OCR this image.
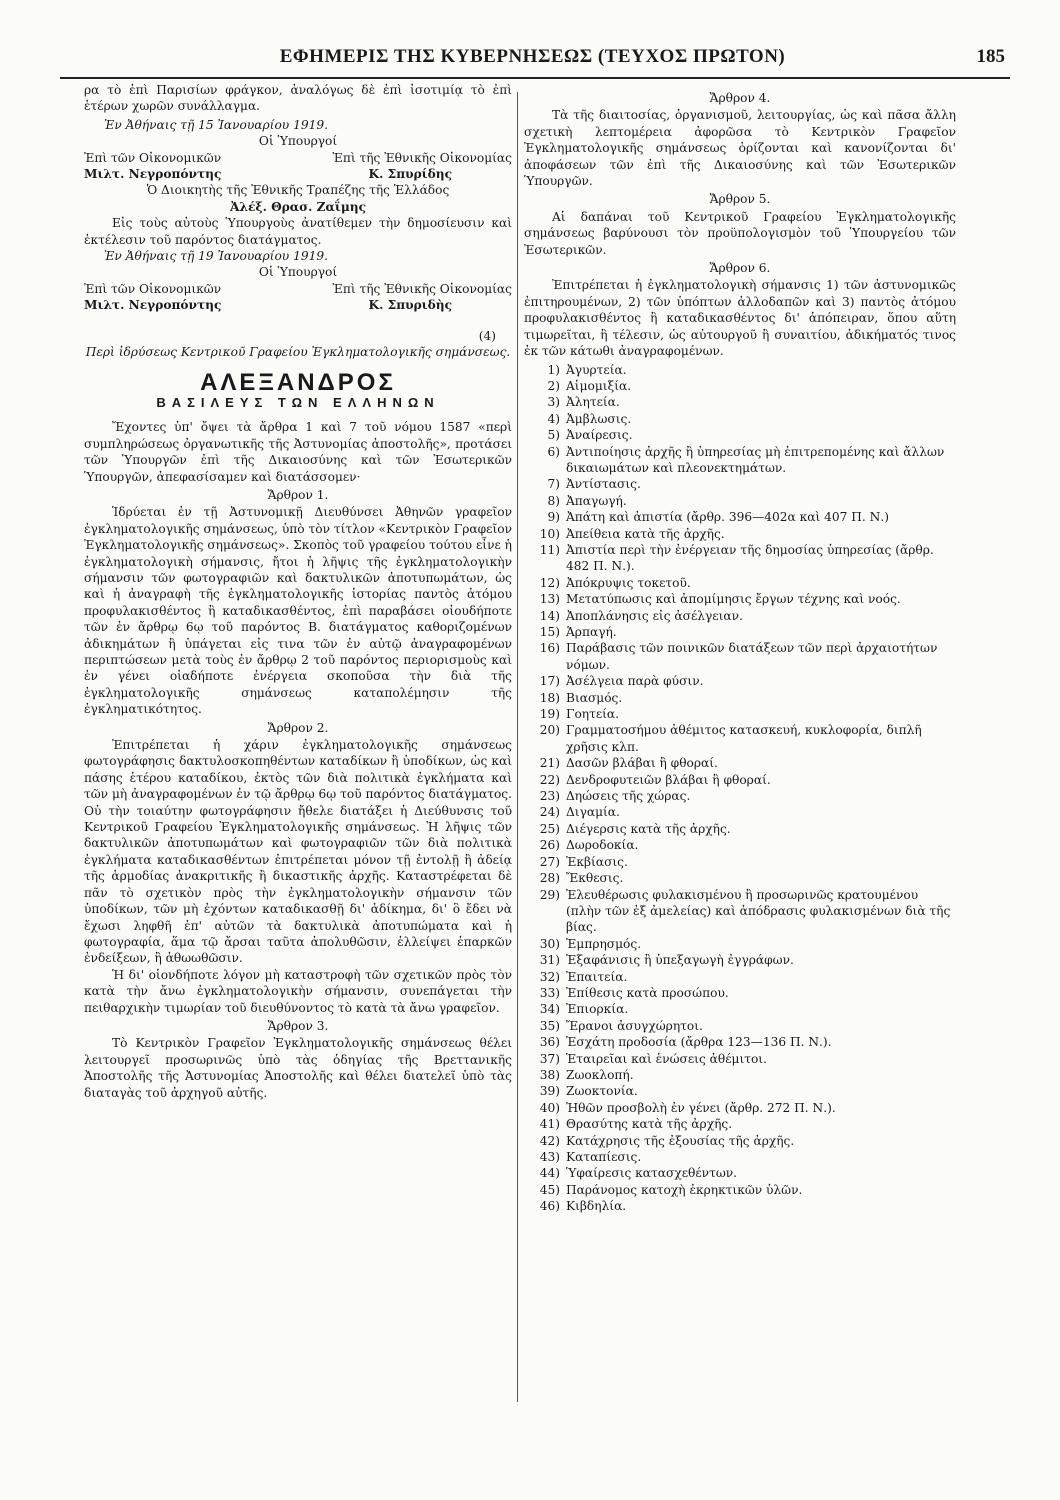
ΕΦΗΜΕΡΙΣ ΤΗΣ ΚΥΒΕΡΝΗΣΕΩΣ (ΤΕΥΧΟΣ ΠΡΩΤΟΝ)	185

ρα τὸ ἐπὶ Παρισίων φράγκον, ἀναλόγως δὲ ἐπὶ ἰσοτιμίᾳ τὸ ἐπὶ ἑτέρων χωρῶν συνάλλαγμα.

Ἐν Ἀθήναις τῇ 15 Ἰανουαρίου 1919.

Οἱ Ὑπουργοί

Ἐπὶ τῶν Οἰκονομικῶν	Ἐπὶ τῆς Ἐθνικῆς Οἰκονομίας
Μιλτ. Νεγροπόντης	Κ. Σπυρίδης

Ὁ Διοικητὴς τῆς Ἐθνικῆς Τραπέζης τῆς Ἑλλάδος

Ἀλέξ. Θρασ. Ζαΐμης

Εἰς τοὺς αὐτοὺς Ὑπουργοὺς ἀνατίθεμεν τὴν δημοσίευσιν καὶ ἐκτέλεσιν τοῦ παρόντος διατάγματος.

Ἐν Ἀθήναις τῇ 19 Ἰανουαρίου 1919.

Οἱ Ὑπουργοί

Ἐπὶ τῶν Οἰκονομικῶν	Ἐπὶ τῆς Ἐθνικῆς Οἰκονομίας
Μιλτ. Νεγροπόντης	Κ. Σπυριδὴς

(4)

Περὶ ἱδρύσεως Κεντρικοῦ Γραφείου Ἐγκληματολογικῆς σημάνσεως.

ΑΛΕΞΑΝΔΡΟΣ
ΒΑΣΙΛΕΥΣ ΤΩΝ ΕΛΛΗΝΩΝ

Ἔχοντες ὑπ' ὄψει τὰ ἄρθρα 1 καὶ 7 τοῦ νόμου 1587 «περὶ συμπληρώσεως ὀργανωτικῆς τῆς Ἀστυνομίας ἀποστολῆς», προτάσει τῶν Ὑπουργῶν ἐπὶ τῆς Δικαιοσύνης καὶ τῶν Ἐσωτερικῶν Ὑπουργῶν, ἀπεφασίσαμεν καὶ διατάσσομεν·

Ἄρθρον 1.

Ἱδρύεται ἐν τῇ Ἀστυνομικῇ Διευθύνσει Ἀθηνῶν γραφεῖον ἐγκληματολογικῆς σημάνσεως, ὑπὸ τὸν τίτλον «Κεντρικὸν Γραφεῖον Ἐγκληματολογικῆς σημάνσεως». Σκοπὸς τοῦ γραφείου τούτου εἶνε ἡ ἐγκληματολογικὴ σήμανσις, ἤτοι ἡ λῆψις τῆς ἐγκληματολογικὴν σήμανσιν τῶν φωτογραφιῶν καὶ δακτυλικῶν ἀποτυπωμάτων, ὡς καὶ ἡ ἀναγραφὴ τῆς ἐγκληματολογικῆς ἱστορίας παντὸς ἀτόμου προφυλακισθέντος ἢ καταδικασθέντος, ἐπὶ παραβάσει οἱουδήποτε τῶν ἐν ἄρθρῳ 6ῳ τοῦ παρόντος Β. διατάγματος καθοριζομένων ἀδικημάτων ἢ ὑπάγεται εἰς τινα τῶν ἐν αὐτῷ ἀναγραφομένων περιπτώσεων μετὰ τοὺς ἐν ἄρθρῳ 2 τοῦ παρόντος περιορισμοὺς καὶ ἐν γένει οἱαδήποτε ἐνέργεια σκοποῦσα τὴν διὰ τῆς ἐγκληματολογικῆς σημάνσεως καταπολέμησιν τῆς ἐγκληματικότητος.

Ἄρθρον 2.

Ἐπιτρέπεται ἡ χάριν ἐγκληματολογικῆς σημάνσεως φωτογράφησις δακτυλοσκοπηθέντων καταδίκων ἢ ὑποδίκων, ὡς καὶ πάσης ἑτέρου καταδίκου, ἐκτὸς τῶν διὰ πολιτικὰ ἐγκλήματα καὶ τῶν μὴ ἀναγραφομένων ἐν τῷ ἄρθρῳ 6ῳ τοῦ παρόντος διατάγματος. Οὐ τὴν τοιαύτην φωτογράφησιν ἤθελε διατάξει ἡ Διεύθυνσις τοῦ Κεντρικοῦ Γραφείου Ἐγκληματολογικῆς σημάνσεως. Ἡ λῆψις τῶν δακτυλικῶν ἀποτυπωμάτων καὶ φωτογραφιῶν τῶν διὰ πολιτικὰ ἐγκλήματα καταδικασθέντων ἐπιτρέπεται μόνον τῇ ἐντολῇ ἢ ἀδείᾳ τῆς ἁρμοδίας ἀνακριτικῆς ἢ δικαστικῆς ἀρχῆς. Καταστρέφεται δὲ πᾶν τὸ σχετικὸν πρὸς τὴν ἐγκληματολογικὴν σήμανσιν τῶν ὑποδίκων, τῶν μὴ ἐχόντων καταδικασθῇ δι' ἀδίκημα, δι' ὃ ἔδει νὰ ἔχωσι ληφθῆ ἐπ' αὐτῶν τὰ δακτυλικὰ ἀποτυπώματα καὶ ἡ φωτογραφία, ἅμα τῷ ἄρσαι ταῦτα ἀπολυθῶσιν, ἐλλείψει ἐπαρκῶν ἐνδείξεων, ἢ ἀθωωθῶσιν.

Ἡ δι' οἱονδήποτε λόγον μὴ καταστροφὴ τῶν σχετικῶν πρὸς τὸν κατὰ τὴν ἄνω ἐγκληματολογικὴν σήμανσιν, συνεπάγεται τὴν πειθαρχικὴν τιμωρίαν τοῦ διευθύνοντος τὸ κατὰ τὰ ἄνω γραφεῖον.

Ἄρθρον 3.

Τὸ Κεντρικὸν Γραφεῖον Ἐγκληματολογικῆς σημάνσεως θέλει λειτουργεῖ προσωρινῶς ὑπὸ τὰς ὁδηγίας τῆς Βρεττανικῆς Ἀποστολῆς τῆς Ἀστυνομίας Ἀποστολῆς καὶ θέλει διατελεῖ ὑπὸ τὰς διαταγὰς τοῦ ἀρχηγοῦ αὐτῆς.

Ἄρθρον 4.

Τὰ τῆς διαιτοσίας, ὀργανισμοῦ, λειτουργίας, ὡς καὶ πᾶσα ἄλλη σχετικὴ λεπτομέρεια ἀφορῶσα τὸ Κεντρικὸν Γραφεῖον Ἐγκληματολογικῆς σημάνσεως ὁρίζονται καὶ κανονίζονται δι' ἀποφάσεων τῶν ἐπὶ τῆς Δικαιοσύνης καὶ τῶν Ἐσωτερικῶν Ὑπουργῶν.

Ἄρθρον 5.

Αἱ δαπάναι τοῦ Κεντρικοῦ Γραφείου Ἐγκληματολογικῆς σημάνσεως βαρύνουσι τὸν προϋπολογισμὸν τοῦ Ὑπουργείου τῶν Ἐσωτερικῶν.

Ἄρθρον 6.

Ἐπιτρέπεται ἡ ἐγκληματολογικὴ σήμανσις 1) τῶν ἀστυνομικῶς ἐπιτηρουμένων, 2) τῶν ὑπόπτων ἀλλοδαπῶν καὶ 3) παντὸς ἀτόμου προφυλακισθέντος ἢ καταδικασθέντος δι' ἀπόπειραν, ὅπου αὕτη τιμωρεῖται, ἢ τέλεσιν, ὡς αὐτουργοῦ ἢ συναιτίου, ἀδικήματός τινος ἐκ τῶν κάτωθι ἀναγραφομένων.

1) Ἀγυρτεία.
2) Αἱμομιξία.
3) Ἀλητεία.
4) Ἀμβλωσις.
5) Ἀναίρεσις.
6) Ἀντιποίησις ἀρχῆς ἢ ὑπηρεσίας μὴ ἐπιτρεπομένης καὶ ἄλλων δικαιωμάτων καὶ πλεονεκτημάτων.
7) Ἀντίστασις.
8) Ἀπαγωγή.
9) Ἀπάτη καὶ ἀπιστία (ἄρθρ. 396—402α καὶ 407 Π. Ν.)
10) Ἀπείθεια κατὰ τῆς ἀρχῆς.
11) Ἀπιστία περὶ τὴν ἐνέργειαν τῆς δημοσίας ὑπηρεσίας (ἄρθρ. 482 Π. Ν.).
12) Ἀπόκρυψις τοκετοῦ.
13) Μετατύπωσις καὶ ἀπομίμησις ἔργων τέχνης καὶ νοός.
14) Ἀποπλάνησις εἰς ἀσέλγειαν.
15) Ἁρπαγή.
16) Παράβασις τῶν ποινικῶν διατάξεων τῶν περὶ ἀρχαιοτήτων νόμων.
17) Ἀσέλγεια παρὰ φύσιν.
18) Βιασμός.
19) Γοητεία.
20) Γραμματοσήμου ἀθέμιτος κατασκευή, κυκλοφορία, διπλῆ χρῆσις κλπ.
21) Δασῶν βλάβαι ἢ φθοραί.
22) Δενδροφυτειῶν βλάβαι ἢ φθοραί.
23) Δηώσεις τῆς χώρας.
24) Διγαμία.
25) Διέγερσις κατὰ τῆς ἀρχῆς.
26) Δωροδοκία.
27) Ἐκβίασις.
28) Ἔκθεσις.
29) Ἐλευθέρωσις φυλακισμένου ἢ προσωρινῶς κρατουμένου (πλὴν τῶν ἐξ ἀμελείας) καὶ ἀπόδρασις φυλακισμένων διὰ τῆς βίας.
30) Ἐμπρησμός.
31) Ἐξαφάνισις ἢ ὑπεξαγωγὴ ἐγγράφων.
32) Ἐπαιτεία.
33) Ἐπίθεσις κατὰ προσώπου.
34) Ἐπιορκία.
35) Ἔρανοι ἀσυγχώρητοι.
36) Ἐσχάτη προδοσία (ἄρθρα 123—136 Π. Ν.).
37) Ἑταιρεῖαι καὶ ἑνώσεις ἀθέμιτοι.
38) Ζωοκλοπή.
39) Ζωοκτονία.
40) Ἠθῶν προσβολὴ ἐν γένει (ἄρθρ. 272 Π. Ν.).
41) Θρασύτης κατὰ τῆς ἀρχῆς.
42) Κατάχρησις τῆς ἐξουσίας τῆς ἀρχῆς.
43) Καταπίεσις.
44) Ὑφαίρεσις κατασχεθέντων.
45) Παράνομος κατοχὴ ἐκρηκτικῶν ὑλῶν.
46) Κιβδηλία.
